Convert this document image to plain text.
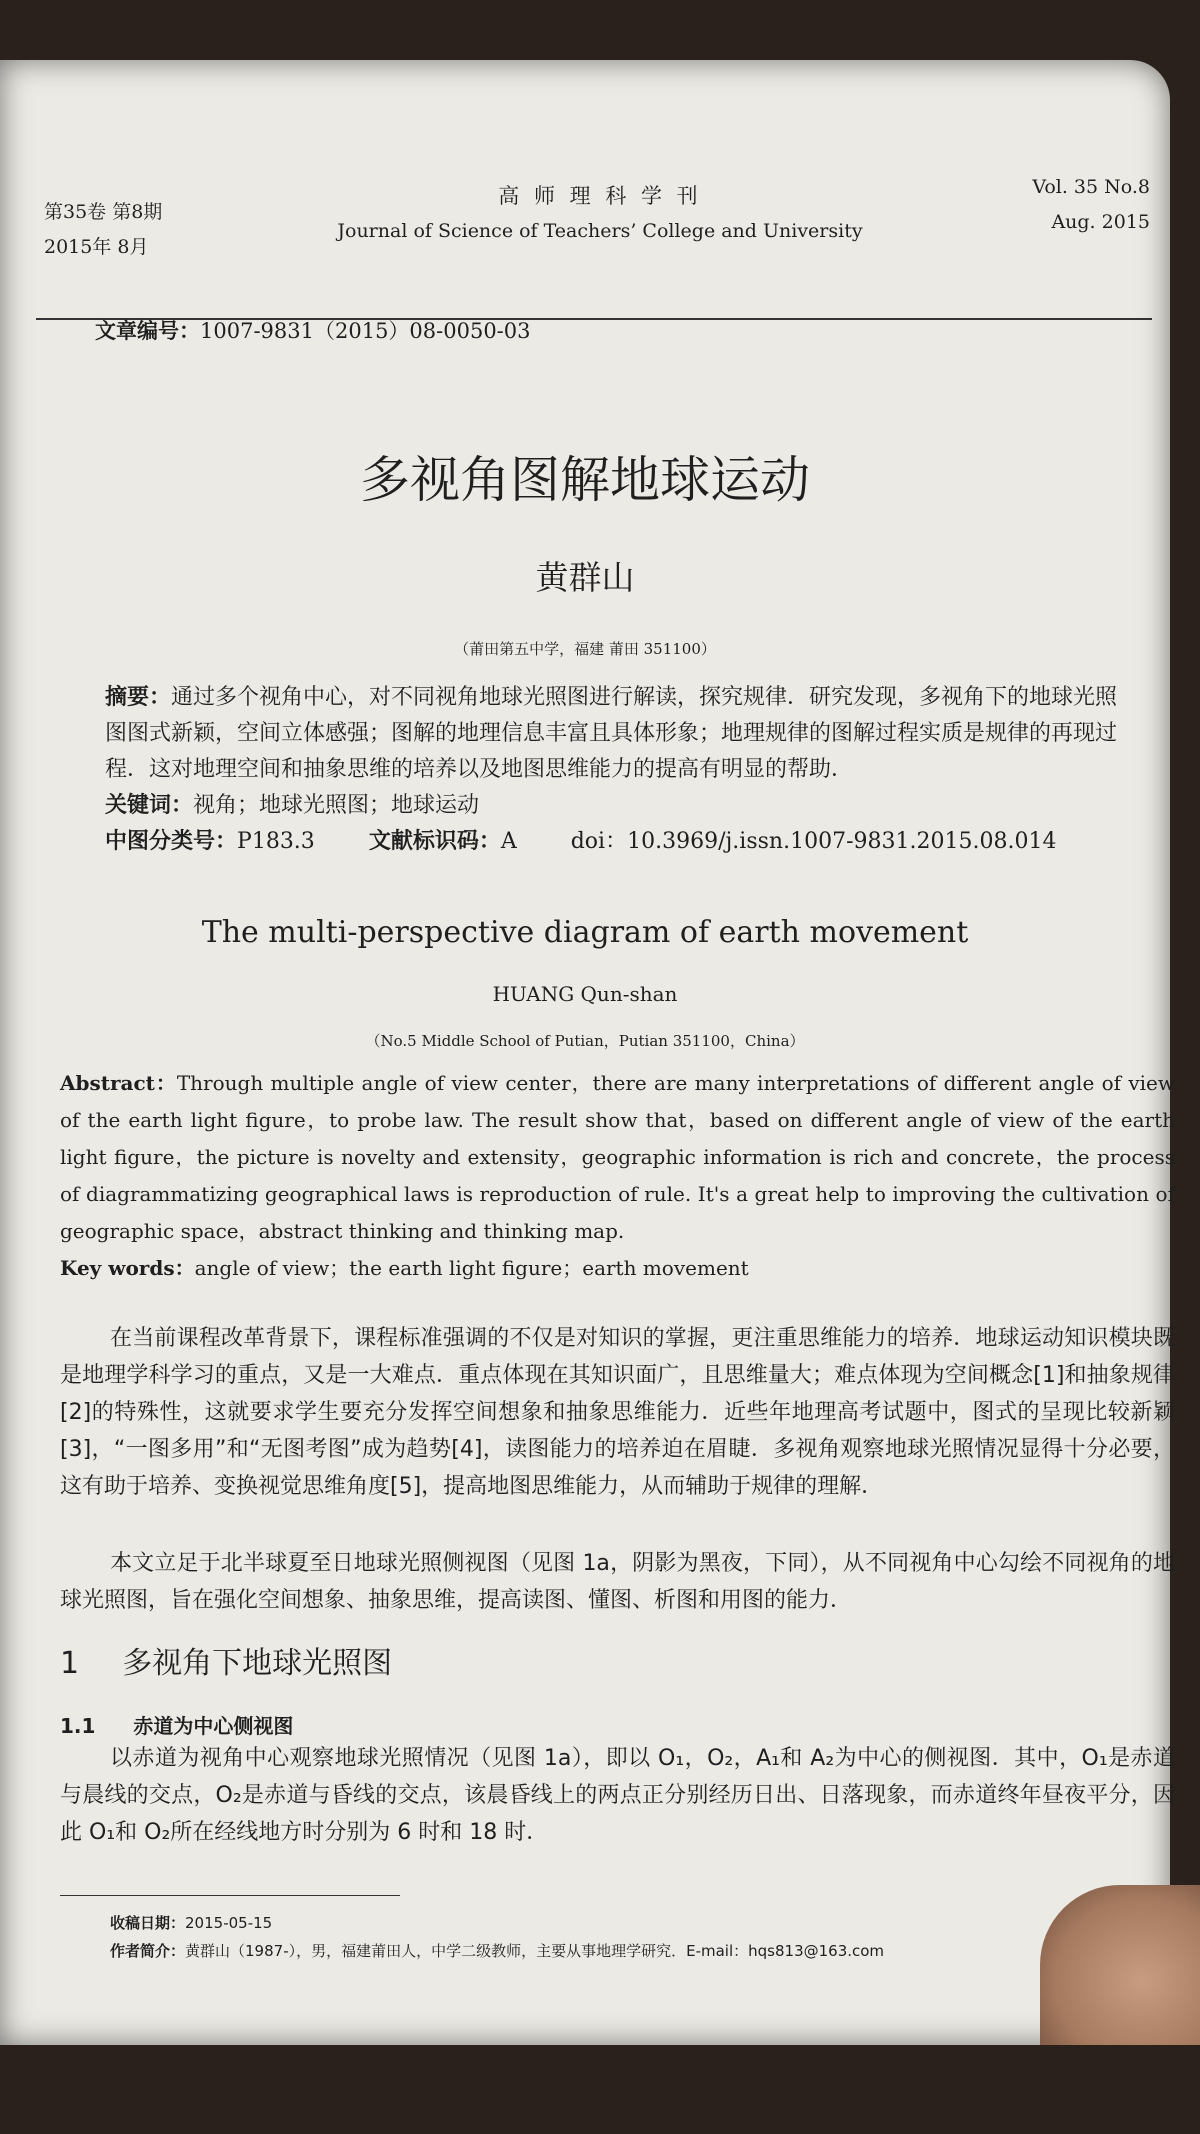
第35卷 第8期
2015年 8月
高 师 理 科 学 刊
Journal of Science of Teachers’ College and University
Vol. 35 No.8
Aug. 2015
文章编号：1007-9831（2015）08-0050-03
多视角图解地球运动
黄群山
（莆田第五中学，福建 莆田 351100）
摘要：通过多个视角中心，对不同视角地球光照图进行解读，探究规律．研究发现，多视角下的地球光照图图式新颖，空间立体感强；图解的地理信息丰富且具体形象；地理规律的图解过程实质是规律的再现过程．这对地理空间和抽象思维的培养以及地图思维能力的提高有明显的帮助．
关键词：视角；地球光照图；地球运动
中图分类号：P183.3 文献标识码：A doi：10.3969/j.issn.1007-9831.2015.08.014
The multi-perspective diagram of earth movement
HUANG Qun-shan
（No.5 Middle School of Putian，Putian 351100，China）
Abstract：Through multiple angle of view center，there are many interpretations of different angle of view of the earth light figure，to probe law. The result show that，based on different angle of view of the earth light figure，the picture is novelty and extensity，geographic information is rich and concrete，the process of diagrammatizing geographical laws is reproduction of rule. It's a great help to improving the cultivation of geographic space，abstract thinking and thinking map.
Key words：angle of view；the earth light figure；earth movement
在当前课程改革背景下，课程标准强调的不仅是对知识的掌握，更注重思维能力的培养．地球运动知识模块既是地理学科学习的重点，又是一大难点．重点体现在其知识面广，且思维量大；难点体现为空间概念[1]和抽象规律[2]的特殊性，这就要求学生要充分发挥空间想象和抽象思维能力．近些年地理高考试题中，图式的呈现比较新颖[3]，“一图多用”和“无图考图”成为趋势[4]，读图能力的培养迫在眉睫．多视角观察地球光照情况显得十分必要，这有助于培养、变换视觉思维角度[5]，提高地图思维能力，从而辅助于规律的理解．
本文立足于北半球夏至日地球光照侧视图（见图 1a，阴影为黑夜，下同），从不同视角中心勾绘不同视角的地球光照图，旨在强化空间想象、抽象思维，提高读图、懂图、析图和用图的能力．
1 多视角下地球光照图
1.1 赤道为中心侧视图
以赤道为视角中心观察地球光照情况（见图 1a），即以 O₁，O₂，A₁和 A₂为中心的侧视图．其中，O₁是赤道与晨线的交点，O₂是赤道与昏线的交点，该晨昏线上的两点正分别经历日出、日落现象，而赤道终年昼夜平分，因此 O₁和 O₂所在经线地方时分别为 6 时和 18 时．
收稿日期：2015-05-15
作者简介：黄群山（1987-），男，福建莆田人，中学二级教师，主要从事地理学研究．E-mail：hqs813@163.com
